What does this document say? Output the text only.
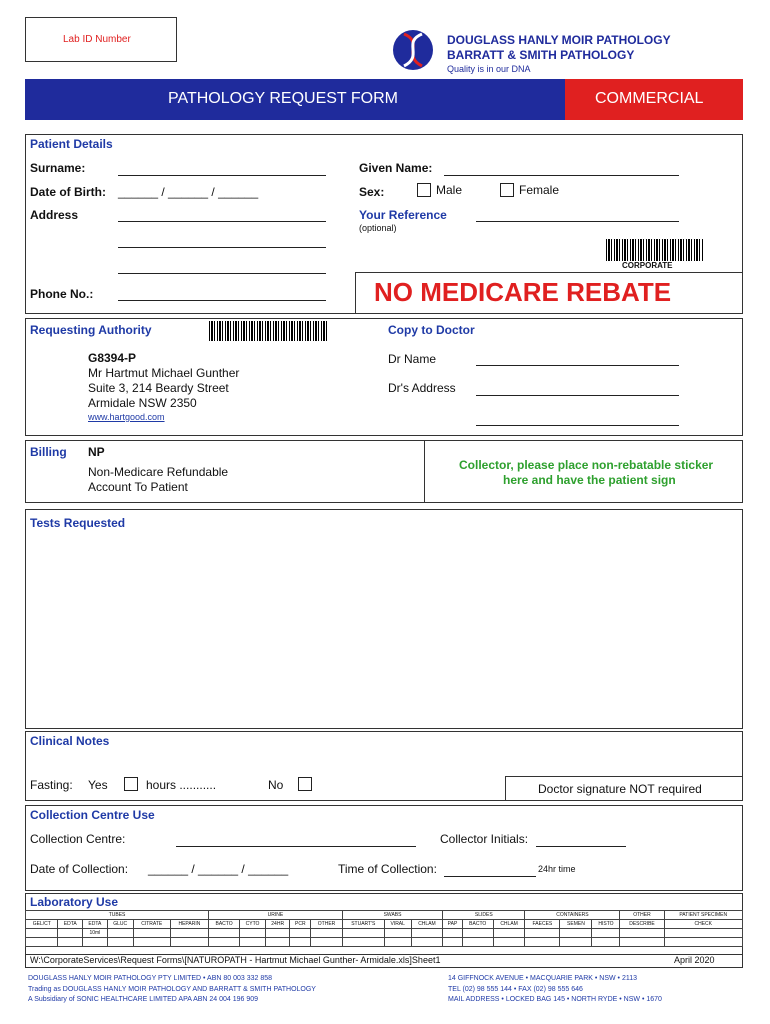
Lab ID Number	DOUGLASS HANLY MOIR PATHOLOGY
BARRATT & SMITH PATHOLOGY
Quality is in our DNA
PATHOLOGY REQUEST FORM	COMMERCIAL
Patient Details
Surname:	Given Name:
Date of Birth: ______ / ______ / ______	Sex:	Male	Female
Address	Your Reference
(optional)
CORPORATE
Phone No.:	NO MEDICARE REBATE
Requesting Authority
G8394-P
Mr Hartmut Michael Gunther
Suite 3, 214 Beardy Street
Armidale NSW 2350
www.hartgood.com
Copy to Doctor
Dr Name
Dr's Address
Billing NP
Non-Medicare Refundable
Account To Patient
Collector, please place non-rebatable sticker
here and have the patient sign
Tests Requested
Clinical Notes
Fasting: Yes	hours ...........	No	Doctor signature NOT required
Collection Centre Use
Collection Centre:	Collector Initials:
Date of Collection: ______ / ______ / ______	Time of Collection:	24hr time
Laboratory Use
TUBES						URINE					SWABS			SLIDES			CONTAINERS			OTHER	PATIENT SPECIMEN
GEL/CT	EDTA	EDTA	GLUC	CITRATE	HEPARIN	BACTO	CYTO	24HR	PCR	OTHER	STUART'S	VIRAL	CHLAM	PAP	BACTO	CHLAM	FAECES	SEMEN	HISTO	DESCRIBE	CHECK
		10ml																			

W:\CorporateServices\Request Forms\[NATUROPATH - Hartmut Michael Gunther- Armidale.xls]Sheet1	April 2020
DOUGLASS HANLY MOIR PATHOLOGY PTY LIMITED • ABN 80 003 332 858
Trading as DOUGLASS HANLY MOIR PATHOLOGY AND BARRATT & SMITH PATHOLOGY
A Subsidiary of SONIC HEALTHCARE LIMITED APA ABN 24 004 196 909
14 GIFFNOCK AVENUE • MACQUARIE PARK • NSW • 2113
TEL (02) 98 555 144 • FAX (02) 98 555 646
MAIL ADDRESS • LOCKED BAG 145 • NORTH RYDE • NSW • 1670
